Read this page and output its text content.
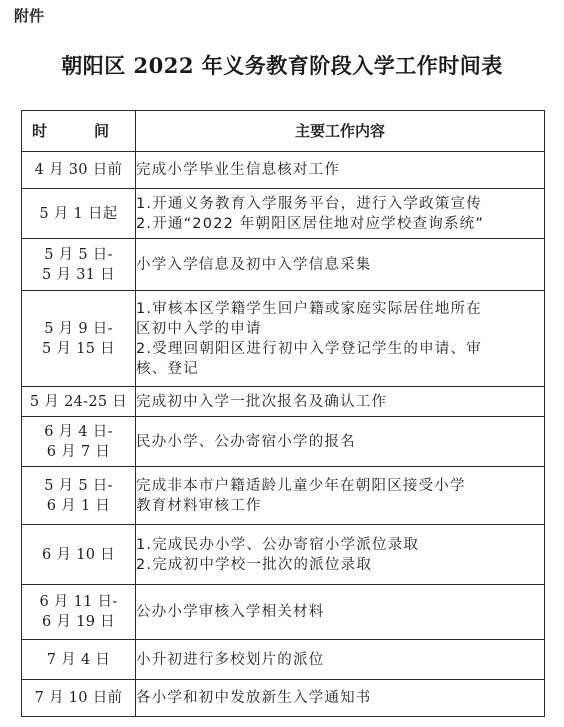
附件
朝阳区 2022 年义务教育阶段入学工作时间表
时　间	主要工作内容

4 月 30 日前	完成小学毕业生信息核对工作

5 月 1 日起	1.开通义务教育入学服务平台，进行入学政策宣传
2.开通“2022 年朝阳区居住地对应学校查询系统”

5 月 5 日-
5 月 31 日	小学入学信息及初中入学信息采集

5 月 9 日-
5 月 15 日	1.审核本区学籍学生回户籍或家庭实际居住地所在
区初中入学的申请
2.受理回朝阳区进行初中入学登记学生的申请、审
核、登记

5 月 24-25 日	完成初中入学一批次报名及确认工作

6 月 4 日-
6 月 7 日	民办小学、公办寄宿小学的报名

5 月 5 日-
6 月 1 日	完成非本市户籍适龄儿童少年在朝阳区接受小学
教育材料审核工作

6 月 10 日	1.完成民办小学、公办寄宿小学派位录取
2.完成初中学校一批次的派位录取

6 月 11 日-
6 月 19 日	公办小学审核入学相关材料

7 月 4 日	小升初进行多校划片的派位

7 月 10 日前	各小学和初中发放新生入学通知书
